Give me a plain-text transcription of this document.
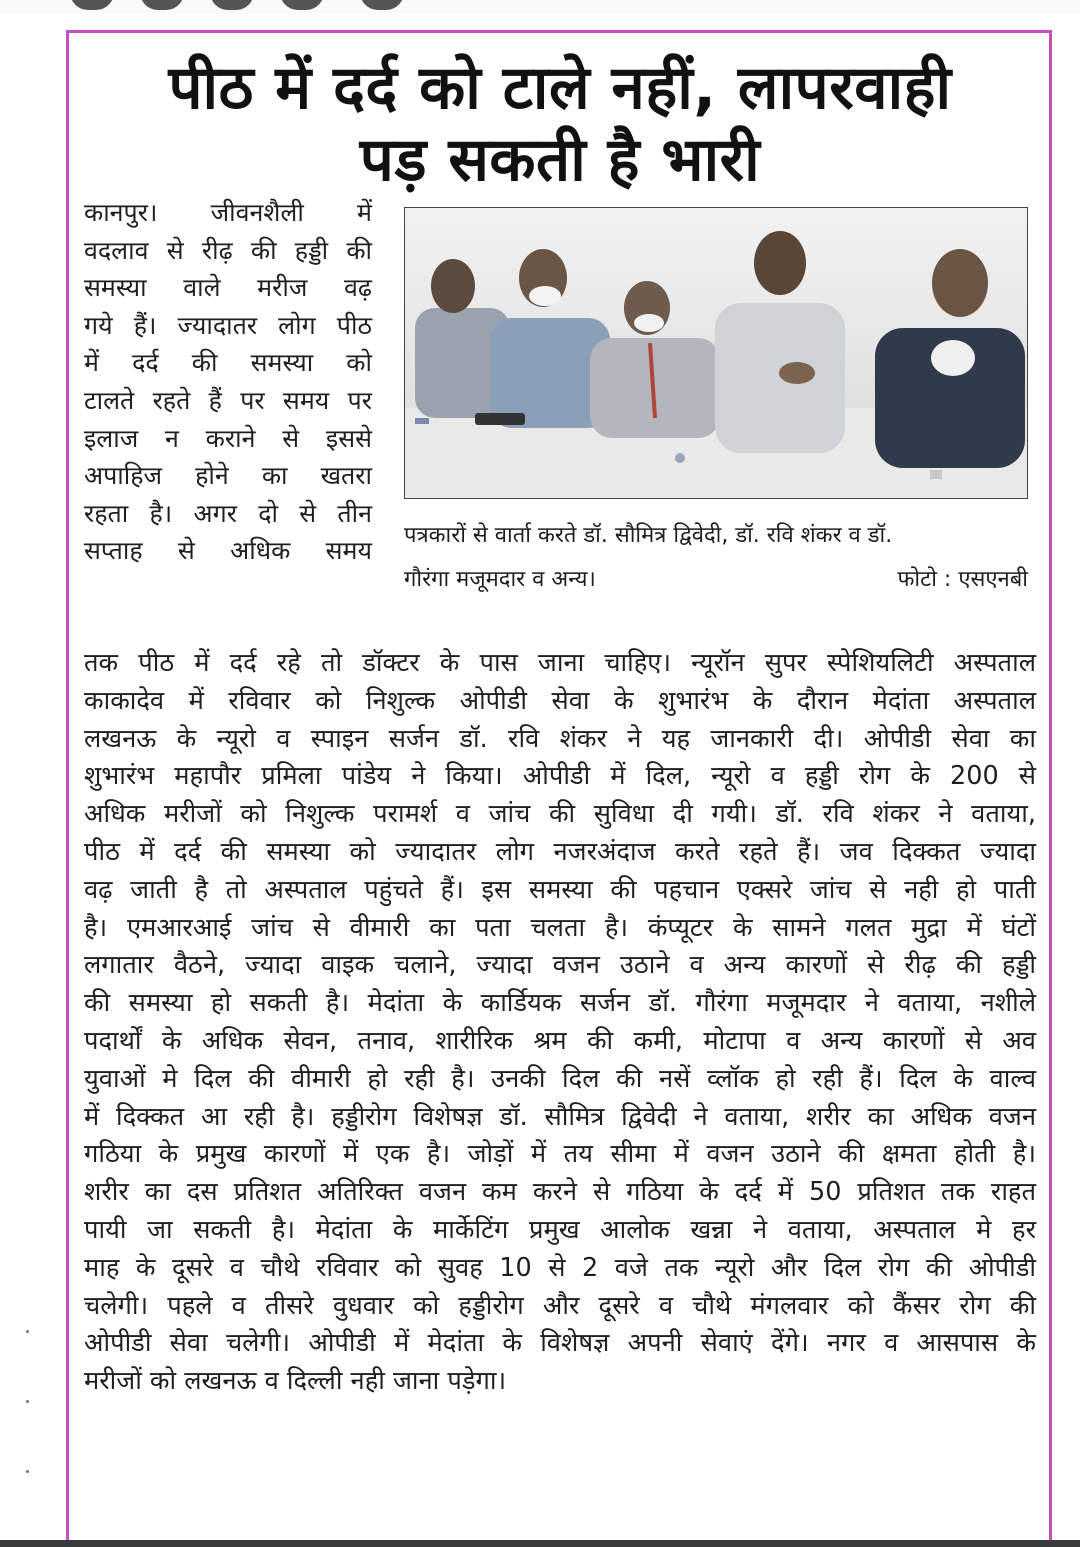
पीठ में दर्द को टाले नहीं, लापरवाही
पड़ सकती है भारी
कानपुर। जीवनशैली में
वदलाव से रीढ़ की हड्डी की
समस्या वाले मरीज वढ़
गये हैं। ज्यादातर लोग पीठ
में दर्द की समस्या को
टालते रहते हैं पर समय पर
इलाज न कराने से इससे
अपाहिज होने का खतरा
रहता है। अगर दो से तीन
सप्ताह से अधिक समय
पत्रकारों से वार्ता करते डॉ. सौमित्र द्विवेदी, डॉ. रवि शंकर व डॉ.
गौरंगा मजूमदार व अन्य।	फोटो : एसएनबी
तक पीठ में दर्द रहे तो डॉक्टर के पास जाना चाहिए। न्यूरॉन सुपर स्पेशियलिटी अस्पताल
काकादेव में रविवार को निशुल्क ओपीडी सेवा के शुभारंभ के दौरान मेदांता अस्पताल
लखनऊ के न्यूरो व स्पाइन सर्जन डॉ. रवि शंकर ने यह जानकारी दी। ओपीडी सेवा का
शुभारंभ महापौर प्रमिला पांडेय ने किया। ओपीडी में दिल, न्यूरो व हड्डी रोग के 200 से
अधिक मरीजों को निशुल्क परामर्श व जांच की सुविधा दी गयी। डॉ. रवि शंकर ने वताया,
पीठ में दर्द की समस्या को ज्यादातर लोग नजरअंदाज करते रहते हैं। जव दिक्कत ज्यादा
वढ़ जाती है तो अस्पताल पहुंचते हैं। इस समस्या की पहचान एक्सरे जांच से नही हो पाती
है। एमआरआई जांच से वीमारी का पता चलता है। कंप्यूटर के सामने गलत मुद्रा में घंटों
लगातार वैठने, ज्यादा वाइक चलाने, ज्यादा वजन उठाने व अन्य कारणों से रीढ़ की हड्डी
की समस्या हो सकती है। मेदांता के कार्डियक सर्जन डॉ. गौरंगा मजूमदार ने वताया, नशीले
पदार्थों के अधिक सेवन, तनाव, शारीरिक श्रम की कमी, मोटापा व अन्य कारणों से अव
युवाओं मे दिल की वीमारी हो रही है। उनकी दिल की नसें व्लॉक हो रही हैं। दिल के वाल्व
में दिक्कत आ रही है। हड्डीरोग विशेषज्ञ डॉ. सौमित्र द्विवेदी ने वताया, शरीर का अधिक वजन
गठिया के प्रमुख कारणों में एक है। जोड़ों में तय सीमा में वजन उठाने की क्षमता होती है।
शरीर का दस प्रतिशत अतिरिक्त वजन कम करने से गठिया के दर्द में 50 प्रतिशत तक राहत
पायी जा सकती है। मेदांता के मार्केटिंग प्रमुख आलोक खन्ना ने वताया, अस्पताल मे हर
माह के दूसरे व चौथे रविवार को सुवह 10 से 2 वजे तक न्यूरो और दिल रोग की ओपीडी
चलेगी। पहले व तीसरे वुधवार को हड्डीरोग और दूसरे व चौथे मंगलवार को कैंसर रोग की
ओपीडी सेवा चलेगी। ओपीडी में मेदांता के विशेषज्ञ अपनी सेवाएं देंगे। नगर व आसपास के
मरीजों को लखनऊ व दिल्ली नही जाना पड़ेगा।
